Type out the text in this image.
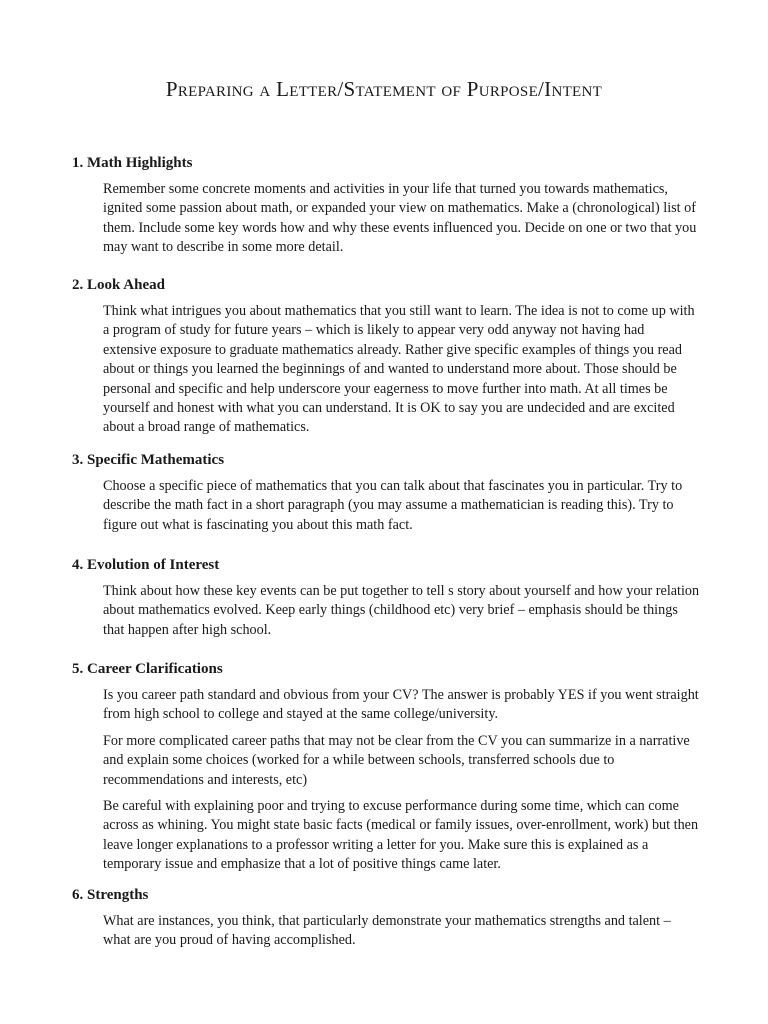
Preparing a Letter/Statement of Purpose/Intent
1. Math Highlights

Remember some concrete moments and activities in your life that turned you towards mathematics, ignited some passion about math, or expanded your view on mathematics. Make a (chronological) list of them. Include some key words how and why these events influenced you. Decide on one or two that you may want to describe in some more detail.

2. Look Ahead

Think what intrigues you about mathematics that you still want to learn. The idea is not to come up with a program of study for future years – which is likely to appear very odd anyway not having had extensive exposure to graduate mathematics already. Rather give specific examples of things you read about or things you learned the beginnings of and wanted to understand more about. Those should be personal and specific and help underscore your eagerness to move further into math. At all times be yourself and honest with what you can understand. It is OK to say you are undecided and are excited about a broad range of mathematics.

3. Specific Mathematics

Choose a specific piece of mathematics that you can talk about that fascinates you in particular. Try to describe the math fact in a short paragraph (you may assume a mathematician is reading this). Try to figure out what is fascinating you about this math fact.

4. Evolution of Interest

Think about how these key events can be put together to tell s story about yourself and how your relation about mathematics evolved. Keep early things (childhood etc) very brief – emphasis should be things that happen after high school.

5. Career Clarifications

Is you career path standard and obvious from your CV? The answer is probably YES if you went straight from high school to college and stayed at the same college/university.

For more complicated career paths that may not be clear from the CV you can summarize in a narrative and explain some choices (worked for a while between schools, transferred schools due to recommendations and interests, etc)

Be careful with explaining poor and trying to excuse performance during some time, which can come across as whining. You might state basic facts (medical or family issues, over-enrollment, work) but then leave longer explanations to a professor writing a letter for you. Make sure this is explained as a temporary issue and emphasize that a lot of positive things came later.

6. Strengths

What are instances, you think, that particularly demonstrate your mathematics strengths and talent – what are you proud of having accomplished.
